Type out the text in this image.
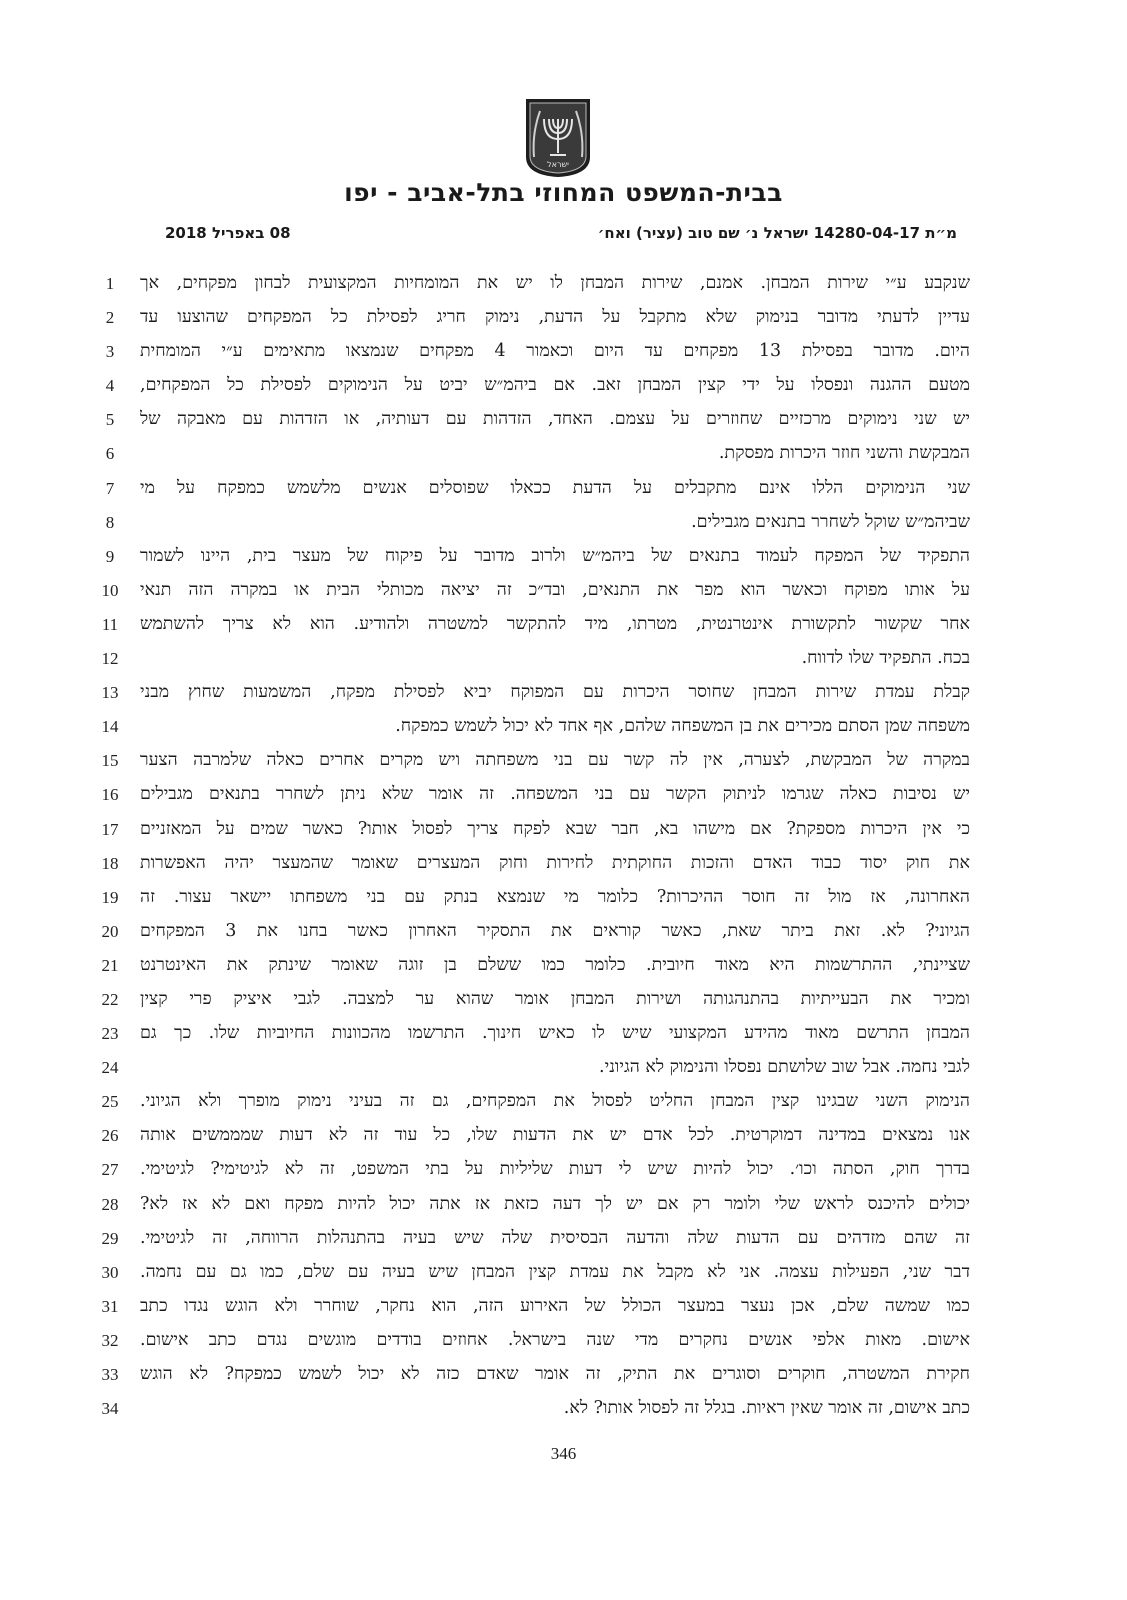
ישראל
בבית-המשפט המחוזי בתל-אביב - יפו
מ״ת 14280-04-17 ישראל נ׳ שם טוב (עציר) ואח׳
08 באפריל 2018
1	שנקבע ע״י שירות המבחן. אמנם, שירות המבחן לו יש את המומחיות המקצועית לבחון מפקחים, אך
2	עדיין לדעתי מדובר בנימוק שלא מתקבל על הדעת, נימוק חריג לפסילת כל המפקחים שהוצעו עד
3	היום. מדובר בפסילת 13 מפקחים עד היום וכאמור 4 מפקחים שנמצאו מתאימים ע״י המומחית
4	מטעם ההגנה ונפסלו על ידי קצין המבחן זאב. אם ביהמ״ש יביט על הנימוקים לפסילת כל המפקחים,
5	יש שני נימוקים מרכזיים שחוזרים על עצמם. האחד, הזדהות עם דעותיה, או הזדהות עם מאבקה של
6	המבקשת והשני חוזר היכרות מפסקת.
7	שני הנימוקים הללו אינם מתקבלים על הדעת ככאלו שפוסלים אנשים מלשמש כמפקח על מי
8	שביהמ״ש שוקל לשחרר בתנאים מגבילים.
9	התפקיד של המפקח לעמוד בתנאים של ביהמ״ש ולרוב מדובר על פיקוח של מעצר בית, היינו לשמור
10	על אותו מפוקח וכאשר הוא מפר את התנאים, ובד״כ זה יציאה מכותלי הבית או במקרה הזה תנאי
11	אחר שקשור לתקשורת אינטרנטית, מטרתו, מיד להתקשר למשטרה ולהודיע. הוא לא צריך להשתמש
12	בכח. התפקיד שלו לדווח.
13	קבלת עמדת שירות המבחן שחוסר היכרות עם המפוקח יביא לפסילת מפקח, המשמעות שחוץ מבני
14	משפחה שמן הסתם מכירים את בן המשפחה שלהם, אף אחד לא יכול לשמש כמפקח.
15	במקרה של המבקשת, לצערה, אין לה קשר עם בני משפחתה ויש מקרים אחרים כאלה שלמרבה הצער
16	יש נסיבות כאלה שגרמו לניתוק הקשר עם בני המשפחה. זה אומר שלא ניתן לשחרר בתנאים מגבילים
17	כי אין היכרות מספקת? אם מישהו בא, חבר שבא לפקח צריך לפסול אותו? כאשר שמים על המאזניים
18	את חוק יסוד כבוד האדם והזכות החוקתית לחירות וחוק המעצרים שאומר שהמעצר יהיה האפשרות
19	האחרונה, אז מול זה חוסר ההיכרות? כלומר מי שנמצא בנתק עם בני משפחתו יישאר עצור. זה
20	הגיוני? לא. זאת ביתר שאת, כאשר קוראים את התסקיר האחרון כאשר בחנו את 3 המפקחים
21	שציינתי, ההתרשמות היא מאוד חיובית. כלומר כמו ששלם בן זוגה שאומר שינתק את האינטרנט
22	ומכיר את הבעייתיות בהתנהגותה ושירות המבחן אומר שהוא ער למצבה. לגבי איציק פרי קצין
23	המבחן התרשם מאוד מהידע המקצועי שיש לו כאיש חינוך. התרשמו מהכוונות החיוביות שלו. כך גם
24	לגבי נחמה. אבל שוב שלושתם נפסלו והנימוק לא הגיוני.
25	הנימוק השני שבגינו קצין המבחן החליט לפסול את המפקחים, גם זה בעיני נימוק מופרך ולא הגיוני.
26	אנו נמצאים במדינה דמוקרטית. לכל אדם יש את הדעות שלו, כל עוד זה לא דעות שמממשים אותה
27	בדרך חוק, הסתה וכו׳. יכול להיות שיש לי דעות שליליות על בתי המשפט, זה לא לגיטימי? לגיטימי.
28	יכולים להיכנס לראש שלי ולומר רק אם יש לך דעה כזאת אז אתה יכול להיות מפקח ואם לא אז לא?
29	זה שהם מזדהים עם הדעות שלה והדעה הבסיסית שלה שיש בעיה בהתנהלות הרווחה, זה לגיטימי.
30	דבר שני, הפעילות עצמה. אני לא מקבל את עמדת קצין המבחן שיש בעיה עם שלם, כמו גם עם נחמה.
31	כמו שמשה שלם, אכן נעצר במעצר הכולל של האירוע הזה, הוא נחקר, שוחרר ולא הוגש נגדו כתב
32	אישום. מאות אלפי אנשים נחקרים מדי שנה בישראל. אחוזים בודדים מוגשים נגדם כתב אישום.
33	חקירת המשטרה, חוקרים וסוגרים את התיק, זה אומר שאדם כזה לא יכול לשמש כמפקח? לא הוגש
34	כתב אישום, זה אומר שאין ראיות. בגלל זה לפסול אותו? לא.
346
